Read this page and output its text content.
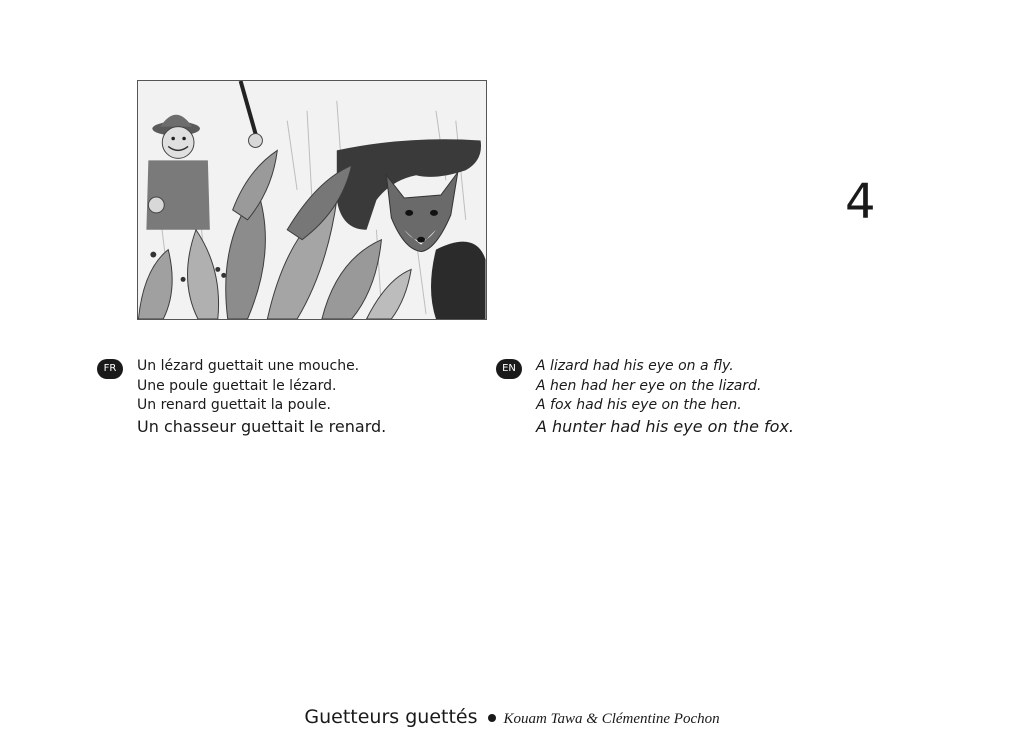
4
FR	Un lézard guettait une mouche.
Une poule guettait le lézard.
Un renard guettait la poule.
Un chasseur guettait le renard.
EN	A lizard had his eye on a fly.
A hen had her eye on the lizard.
A fox had his eye on the hen.
A hunter had his eye on the fox.
Guetteurs guettés Kouam Tawa & Clémentine Pochon
